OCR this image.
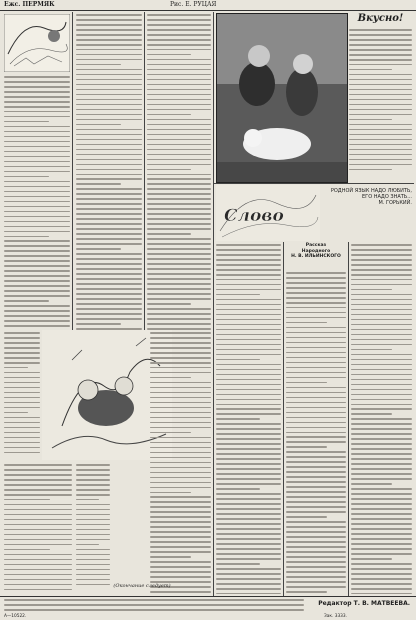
Ежс. ПЕРМЯК	Рис. Е. РУЦАЯ
Вкусно!
Слово
РОДНОЙ ЯЗЫК НАДО ЛЮБИТЬ,
ЕГО НАДО ЗНАТЬ...
М. ГОРЬКИЙ.
Рассказ
Народного
Н. В. ИЛЬИНСКОГО
(Окончание следует)
Редактор Т. В. МАТВЕЕВА.
А—10522.	Зак. 3333.
